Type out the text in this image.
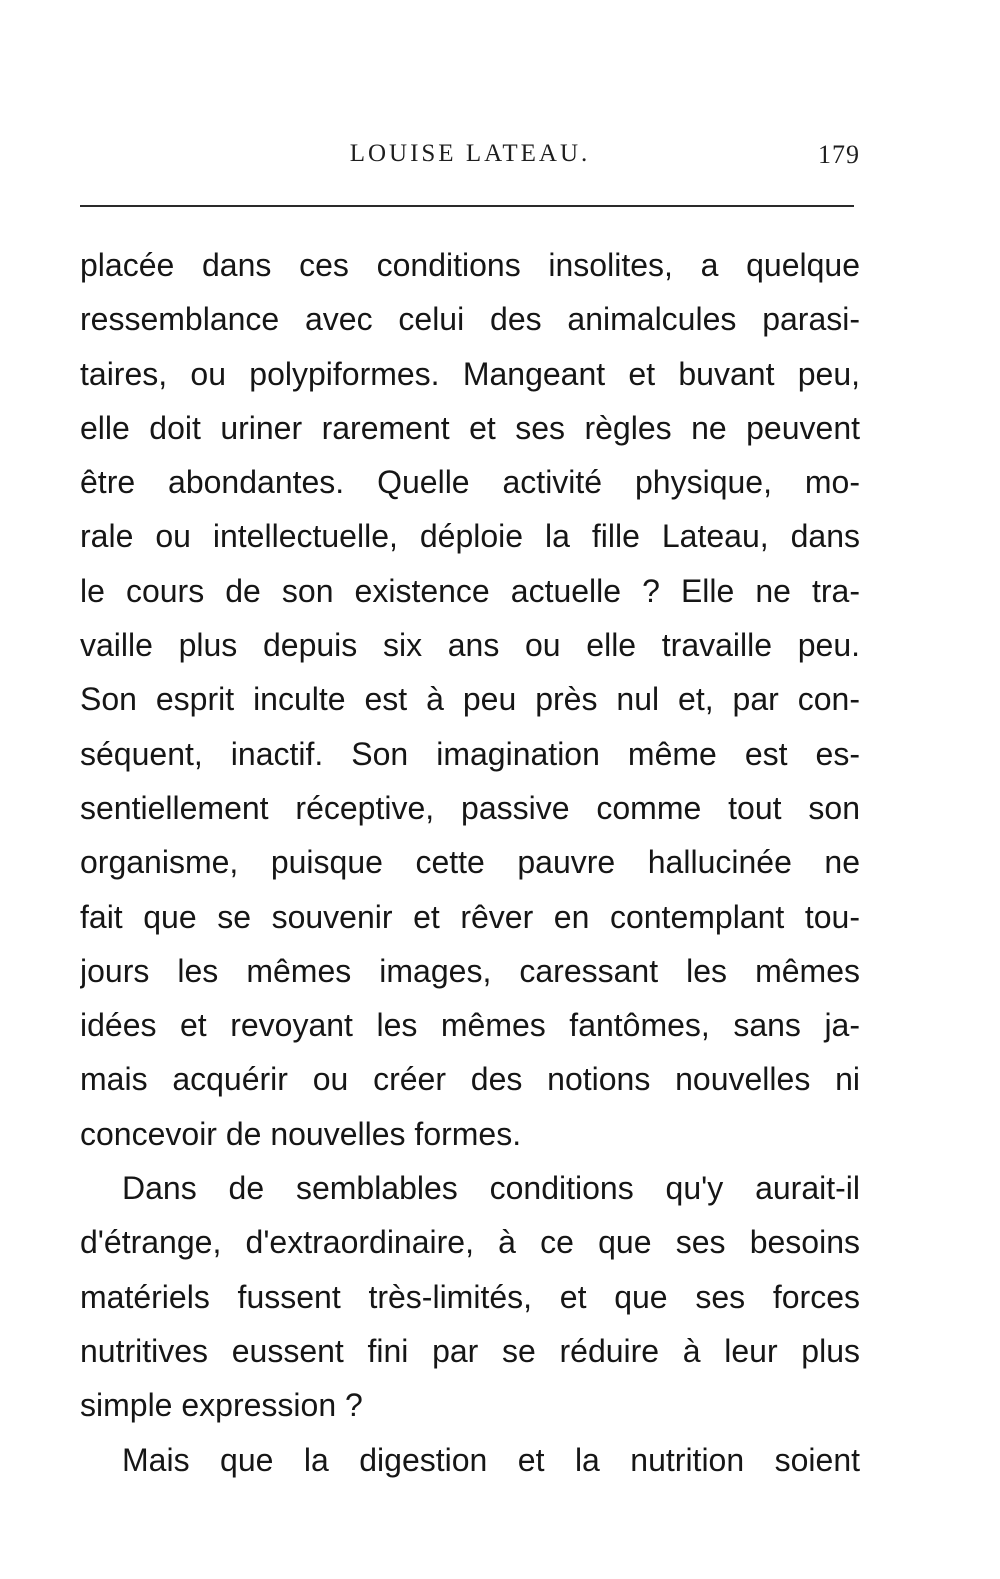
LOUISE LATEAU.	179
placée dans ces conditions insolites, a quelque
ressemblance avec celui des animalcules parasi-
taires, ou polypiformes. Mangeant et buvant peu,
elle doit uriner rarement et ses règles ne peuvent
être abondantes. Quelle activité physique, mo-
rale ou intellectuelle, déploie la fille Lateau, dans
le cours de son existence actuelle ? Elle ne tra-
vaille plus depuis six ans ou elle travaille peu.
Son esprit inculte est à peu près nul et, par con-
séquent, inactif. Son imagination même est es-
sentiellement réceptive, passive comme tout son
organisme, puisque cette pauvre hallucinée ne
fait que se souvenir et rêver en contemplant tou-
jours les mêmes images, caressant les mêmes
idées et revoyant les mêmes fantômes, sans ja-
mais acquérir ou créer des notions nouvelles ni
concevoir de nouvelles formes.
Dans de semblables conditions qu'y aurait-il
d'étrange, d'extraordinaire, à ce que ses besoins
matériels fussent très-limités, et que ses forces
nutritives eussent fini par se réduire à leur plus
simple expression ?
Mais que la digestion et la nutrition soient
